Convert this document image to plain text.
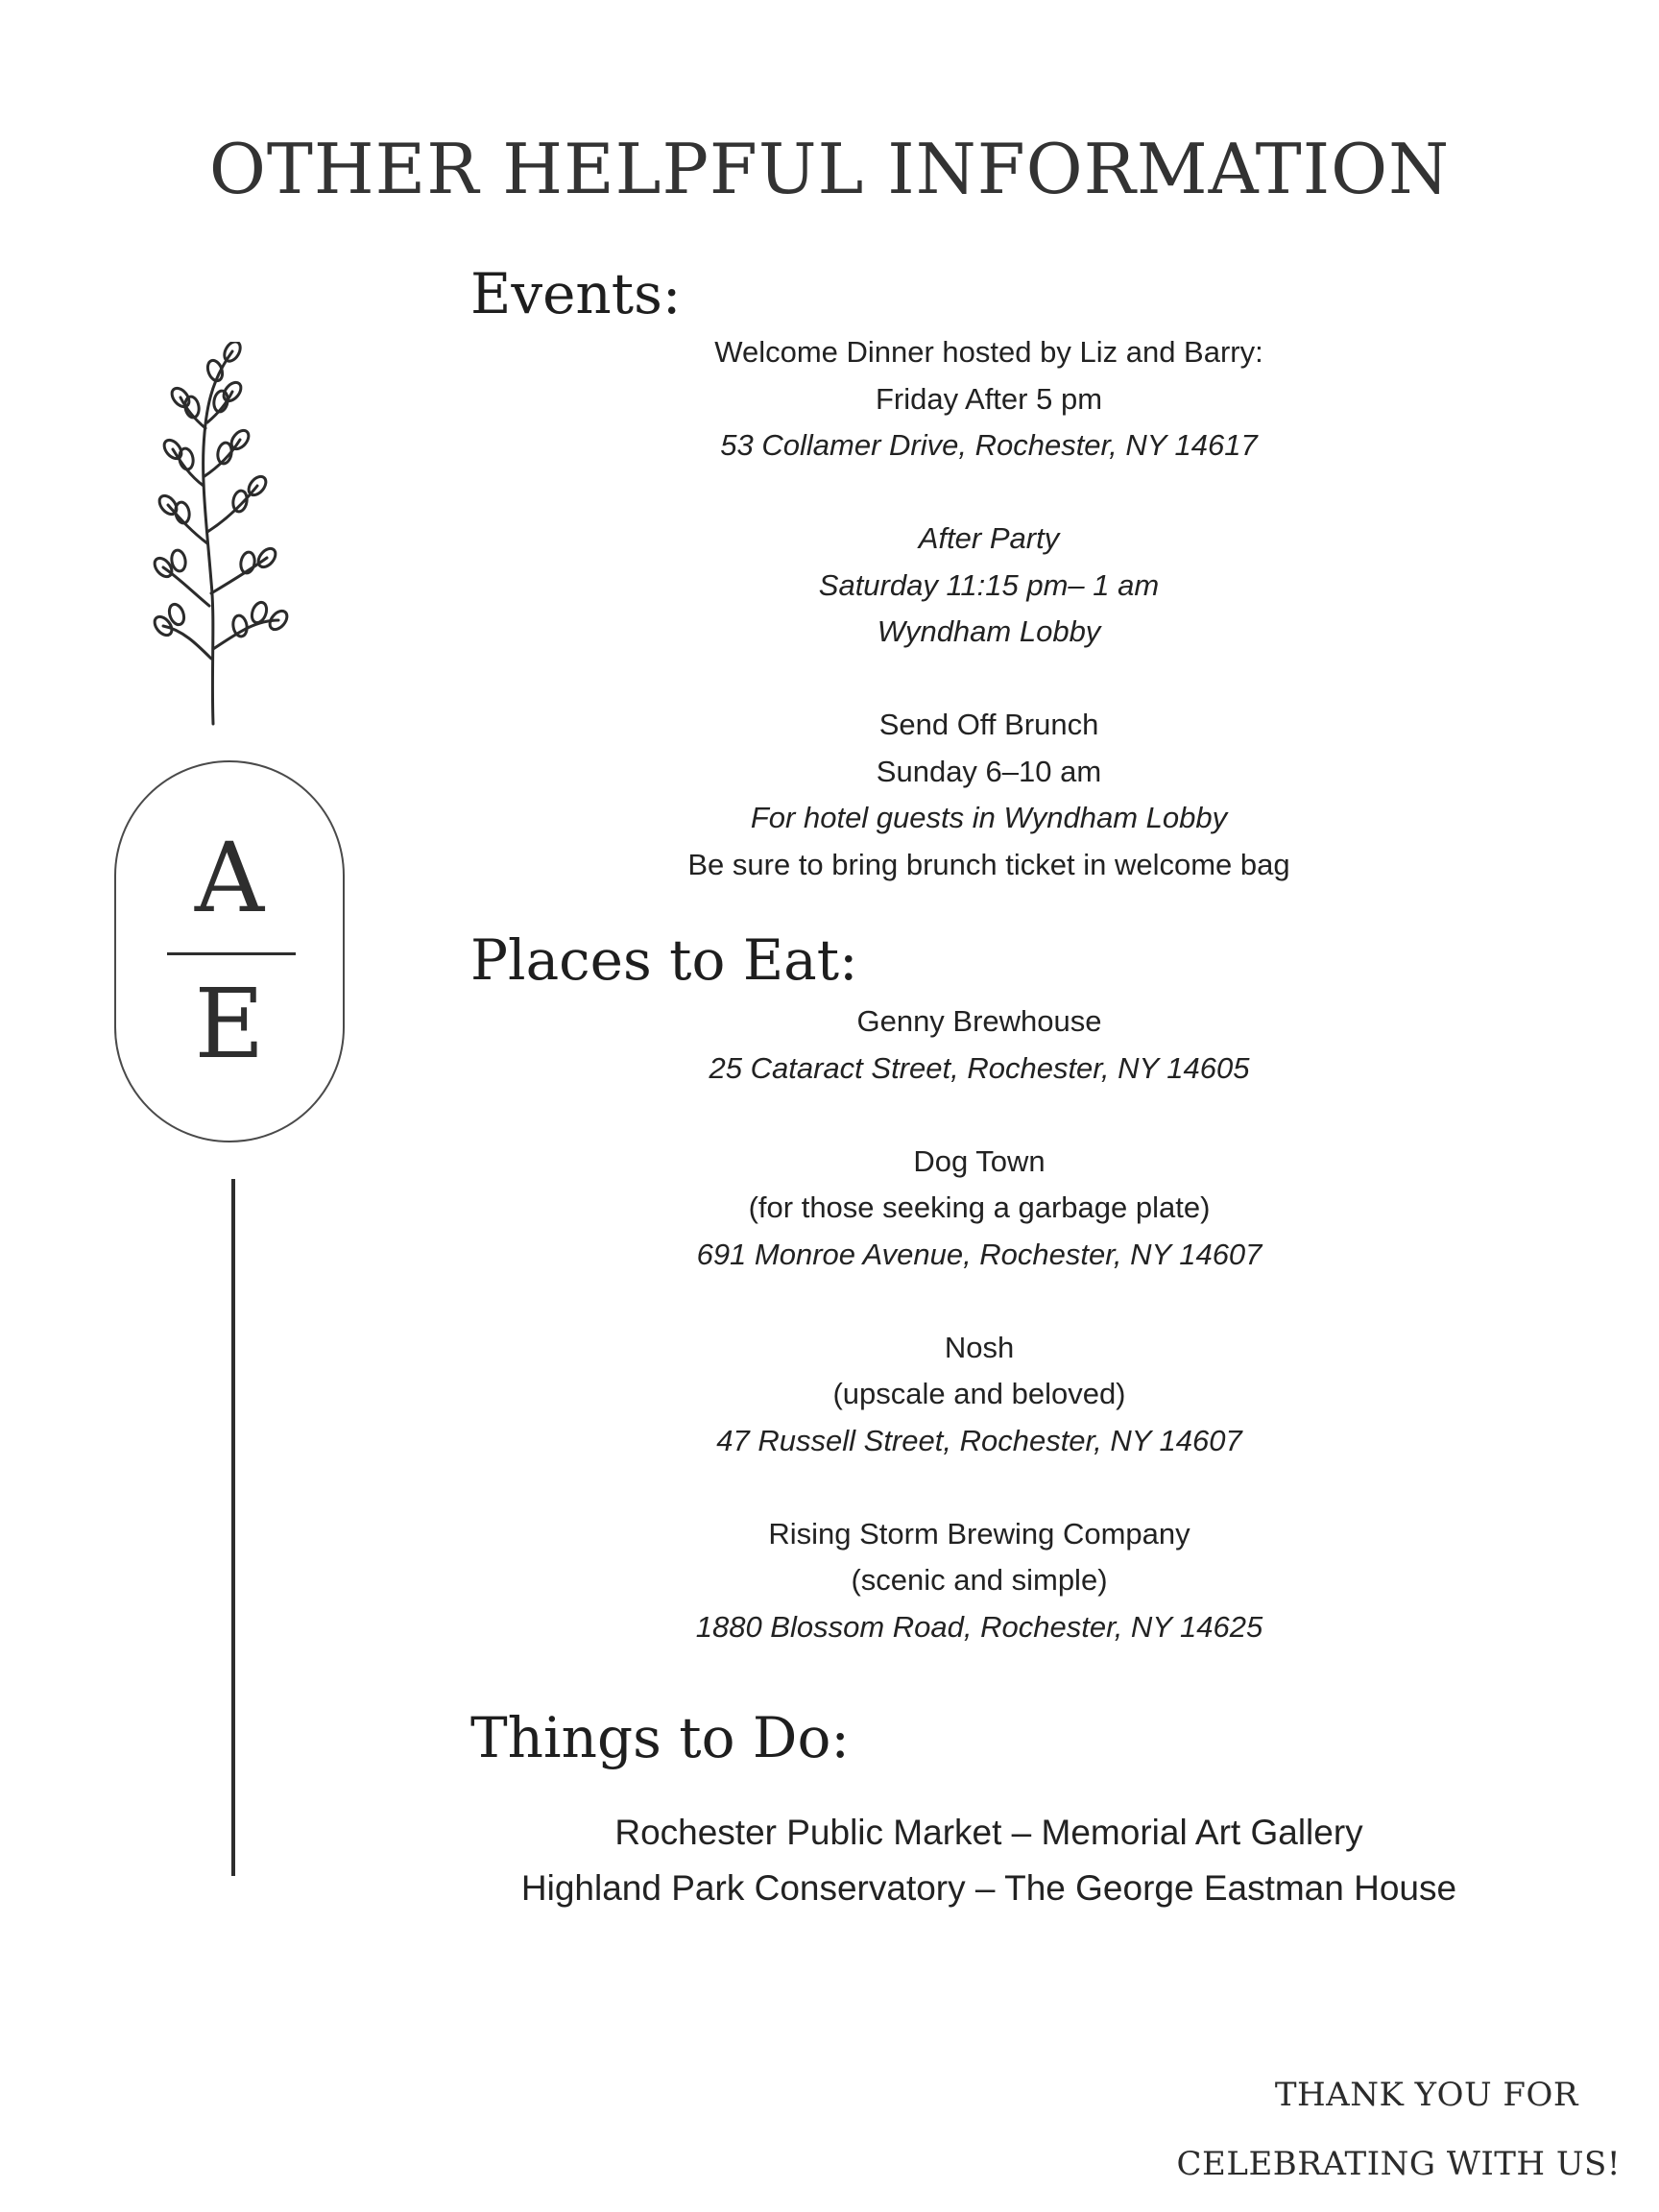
OTHER HELPFUL INFORMATION
A
E
Events:
Welcome Dinner hosted by Liz and Barry:
Friday After 5 pm
53 Collamer Drive, Rochester, NY 14617
After Party
Saturday 11:15 pm– 1 am
Wyndham Lobby
Send Off Brunch
Sunday 6–10 am
For hotel guests in Wyndham Lobby
Be sure to bring brunch ticket in welcome bag
Places to Eat:
Genny Brewhouse
25 Cataract Street, Rochester, NY 14605
Dog Town
(for those seeking a garbage plate)
691 Monroe Avenue, Rochester, NY 14607
Nosh
(upscale and beloved)
47 Russell Street, Rochester, NY 14607
Rising Storm Brewing Company
(scenic and simple)
1880 Blossom Road, Rochester, NY 14625
Things to Do:
Rochester Public Market – Memorial Art Gallery
Highland Park Conservatory – The George Eastman House
THANK YOU FOR
CELEBRATING WITH US!
